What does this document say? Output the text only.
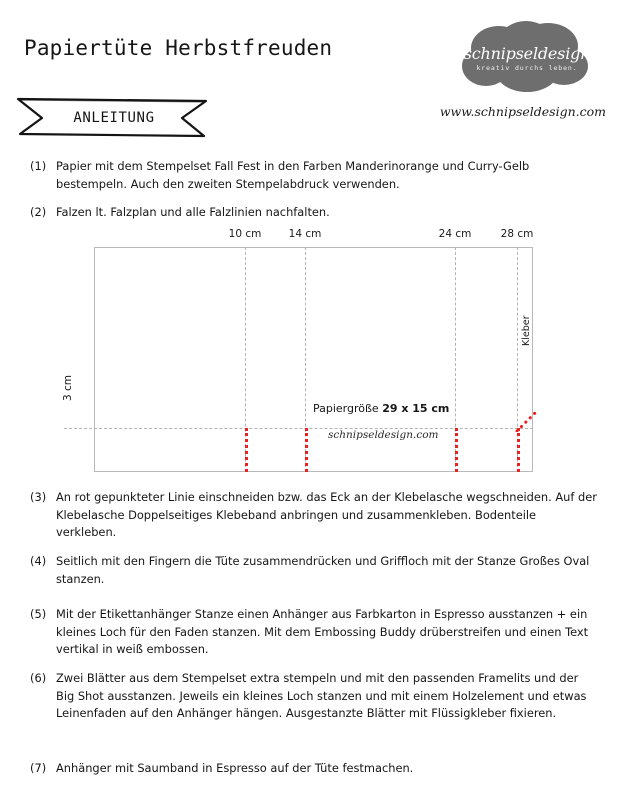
Papiertüte Herbstfreuden
ANLEITUNG
schnipseldesign
kreativ durchs leben.
www.schnipseldesign.com
(1) Papier mit dem Stempelset Fall Fest in den Farben Manderinorange und Curry-Gelb bestempeln. Auch den zweiten Stempelabdruck verwenden.
(2) Falzen lt. Falzplan und alle Falzlinien nachfalten.
10 cm	14 cm	24 cm	28 cm
3 cm
Kleber
Papiergröße 29 x 15 cm
schnipseldesign.com
(3) An rot gepunkteter Linie einschneiden bzw. das Eck an der Klebelasche wegschneiden. Auf der Klebelasche Doppelseitiges Klebeband anbringen und zusammenkleben. Bodenteile verkleben.
(4) Seitlich mit den Fingern die Tüte zusammendrücken und Griffloch mit der Stanze Großes Oval stanzen.
(5) Mit der Etikettanhänger Stanze einen Anhänger aus Farbkarton in Espresso ausstanzen + ein kleines Loch für den Faden stanzen. Mit dem Embossing Buddy drüberstreifen und einen Text vertikal in weiß embossen.
(6) Zwei Blätter aus dem Stempelset extra stempeln und mit den passenden Framelits und der Big Shot ausstanzen. Jeweils ein kleines Loch stanzen und mit einem Holzelement und etwas Leinenfaden auf den Anhänger hängen. Ausgestanzte Blätter mit Flüssigkleber fixieren.
(7) Anhänger mit Saumband in Espresso auf der Tüte festmachen.
